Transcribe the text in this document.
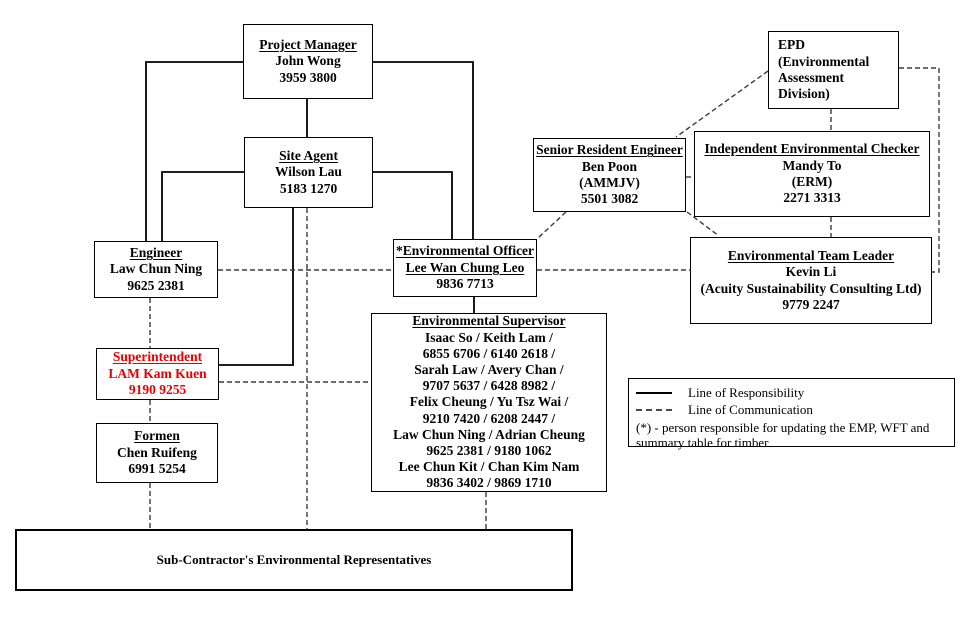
Project Manager
John Wong
3959 3800
Site Agent
Wilson Lau
5183 1270
Engineer
Law Chun Ning
9625 2381
Superintendent
LAM Kam Kuen
9190 9255
Formen
Chen Ruifeng
6991 5254
*Environmental Officer
Lee Wan Chung Leo
9836 7713
Environmental Supervisor
Isaac So / Keith Lam /
6855 6706 / 6140 2618 /
Sarah Law / Avery Chan /
9707 5637 / 6428 8982 /
Felix Cheung / Yu Tsz Wai /
9210 7420 / 6208 2447 /
Law Chun Ning / Adrian Cheung
9625 2381 / 9180 1062
Lee Chun Kit / Chan Kim Nam
9836 3402 / 9869 1710
EPD (Environmental
Assessment Division)
Senior Resident Engineer
Ben Poon
(AMMJV)
5501 3082
Independent Environmental Checker
Mandy To
(ERM)
2271 3313
Environmental Team Leader
Kevin Li
(Acuity Sustainability Consulting Ltd)
9779 2247
Sub-Contractor's Environmental Representatives
Line of Responsibility
Line of Communication
(*) - person responsible for updating the EMP, WFT and
summary table for timber
